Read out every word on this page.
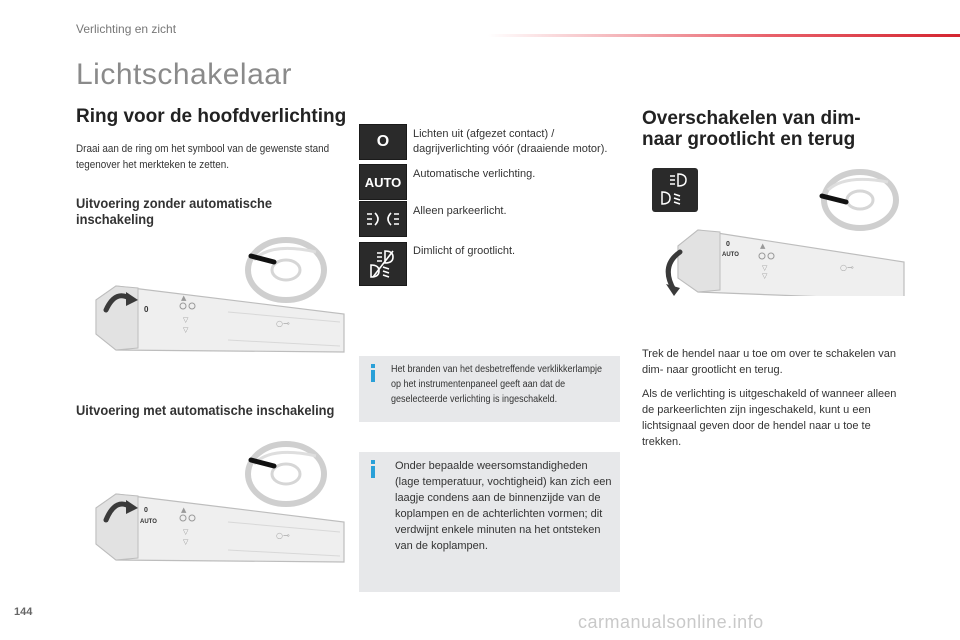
Verlichting en zicht
Lichtschakelaar
Ring voor de hoofdverlichting
Draai aan de ring om het symbool van de gewenste stand tegenover het merkteken te zetten.
Uitvoering zonder automatische inschakeling
0
▲
▽
▽
○⊸
Uitvoering met automatische inschakeling
0
AUTO
▲
▽
▽
○⊸
O Lichten uit (afgezet contact) / dagrijverlichting vóór (draaiende motor).
AUTO
Automatische verlichting.
Alleen parkeerlicht.
Dimlicht of grootlicht.
Het branden van het desbetreffende verklikkerlampje op het instrumentenpaneel geeft aan dat de geselecteerde verlichting is ingeschakeld.
Onder bepaalde weersomstandigheden (lage temperatuur, vochtigheid) kan zich een laagje condens aan de binnenzijde van de koplampen en de achterlichten vormen; dit verdwijnt enkele minuten na het ontsteken van de koplampen.
Overschakelen van dim- naar grootlicht en terug
0
AUTO
▲
▽
▽
○⊸
Trek de hendel naar u toe om over te schakelen van dim- naar grootlicht en terug.
Als de verlichting is uitgeschakeld of wanneer alleen de parkeerlichten zijn ingeschakeld, kunt u een lichtsignaal geven door de hendel naar u toe te trekken.
144	carmanualsonline.info
